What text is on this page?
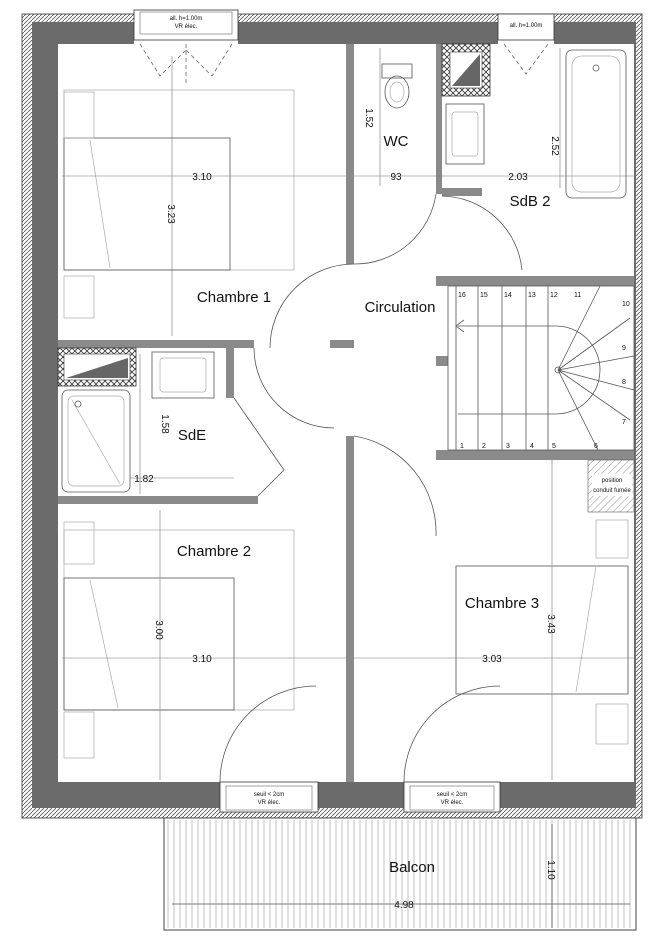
all. h=1.00m
VR élec.	all. h=1.00m
seuil < 2cm
VR élec.
seuil < 2cm
VR élec.
position
conduit fumée
1	2	3	4	5
16 15 14 13 12
6
7
8
9
10
11
Chambre 1
WC
SdB 2
Circulation
SdE
Chambre 2
Chambre 3
Balcon
3.10
3.23
1.52
93	2.03
2.52
1.58
1.82
3.00
3.10	3.03
3.43
1.10
4.98
